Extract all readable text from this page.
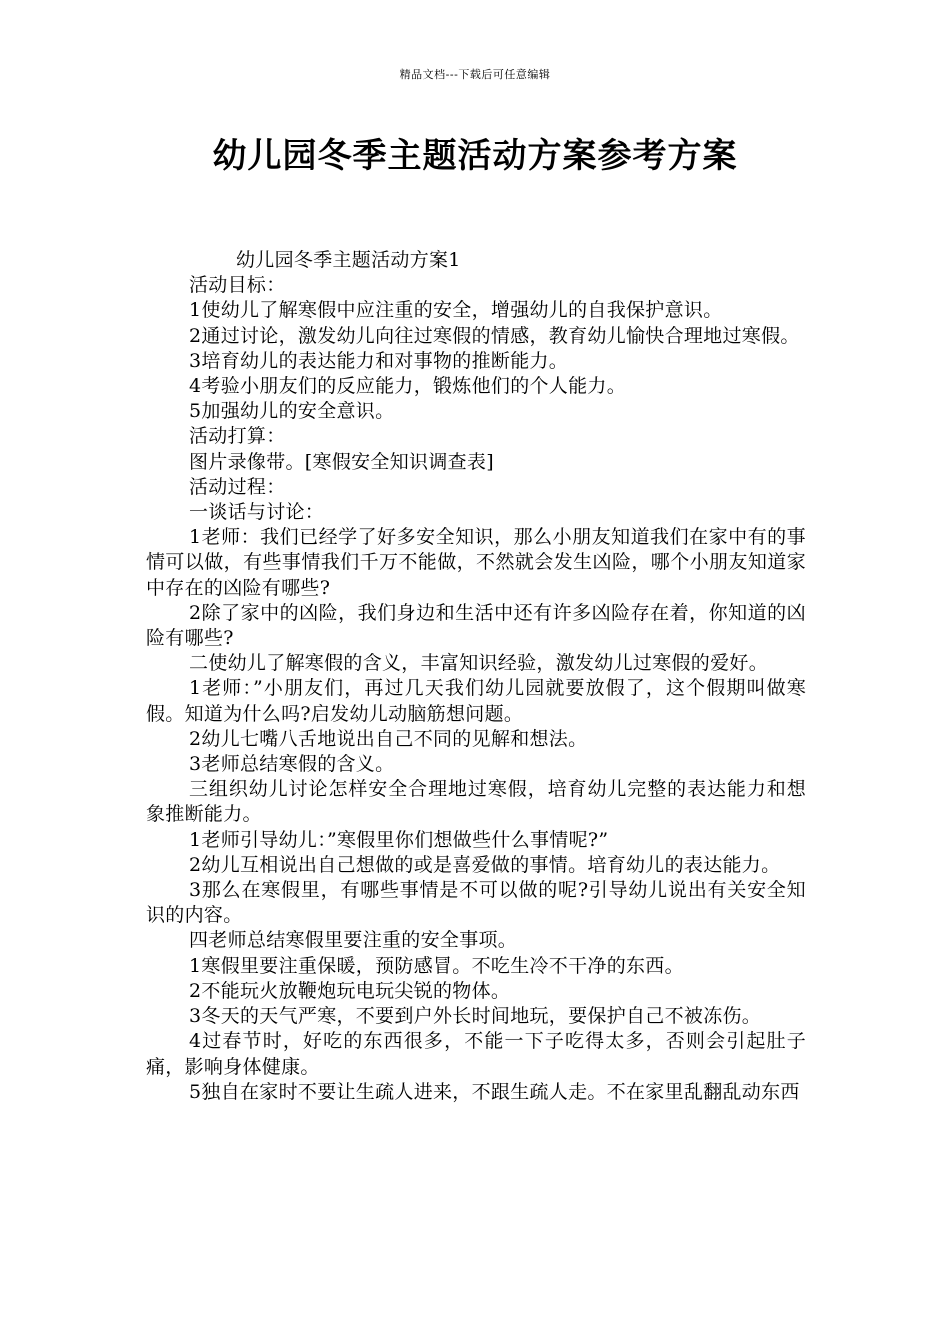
精品文档---下载后可任意编辑
幼儿园冬季主题活动方案参考方案

幼儿园冬季主题活动方案1

活动目标：

1使幼儿了解寒假中应注重的安全，增强幼儿的自我保护意识。

2通过讨论，激发幼儿向往过寒假的情感，教育幼儿愉快合理地过寒假。

3培育幼儿的表达能力和对事物的推断能力。

4考验小朋友们的反应能力，锻炼他们的个人能力。

5加强幼儿的安全意识。

活动打算：

图片录像带。[寒假安全知识调查表]

活动过程：

一谈话与讨论：

1老师：我们已经学了好多安全知识，那么小朋友知道我们在家中有的事情可以做，有些事情我们千万不能做，不然就会发生凶险，哪个小朋友知道家中存在的凶险有哪些?

2除了家中的凶险，我们身边和生活中还有许多凶险存在着，你知道的凶险有哪些?

二使幼儿了解寒假的含义，丰富知识经验，激发幼儿过寒假的爱好。

1老师：”小朋友们，再过几天我们幼儿园就要放假了，这个假期叫做寒假。知道为什么吗?启发幼儿动脑筋想问题。

2幼儿七嘴八舌地说出自己不同的见解和想法。

3老师总结寒假的含义。

三组织幼儿讨论怎样安全合理地过寒假，培育幼儿完整的表达能力和想象推断能力。

1老师引导幼儿：”寒假里你们想做些什么事情呢?”

2幼儿互相说出自己想做的或是喜爱做的事情。培育幼儿的表达能力。

3那么在寒假里，有哪些事情是不可以做的呢?引导幼儿说出有关安全知识的内容。

四老师总结寒假里要注重的安全事项。

1寒假里要注重保暖，预防感冒。不吃生冷不干净的东西。

2不能玩火放鞭炮玩电玩尖锐的物体。

3冬天的天气严寒，不要到户外长时间地玩，要保护自己不被冻伤。

4过春节时，好吃的东西很多，不能一下子吃得太多，否则会引起肚子痛，影响身体健康。

5独自在家时不要让生疏人进来，不跟生疏人走。不在家里乱翻乱动东西
